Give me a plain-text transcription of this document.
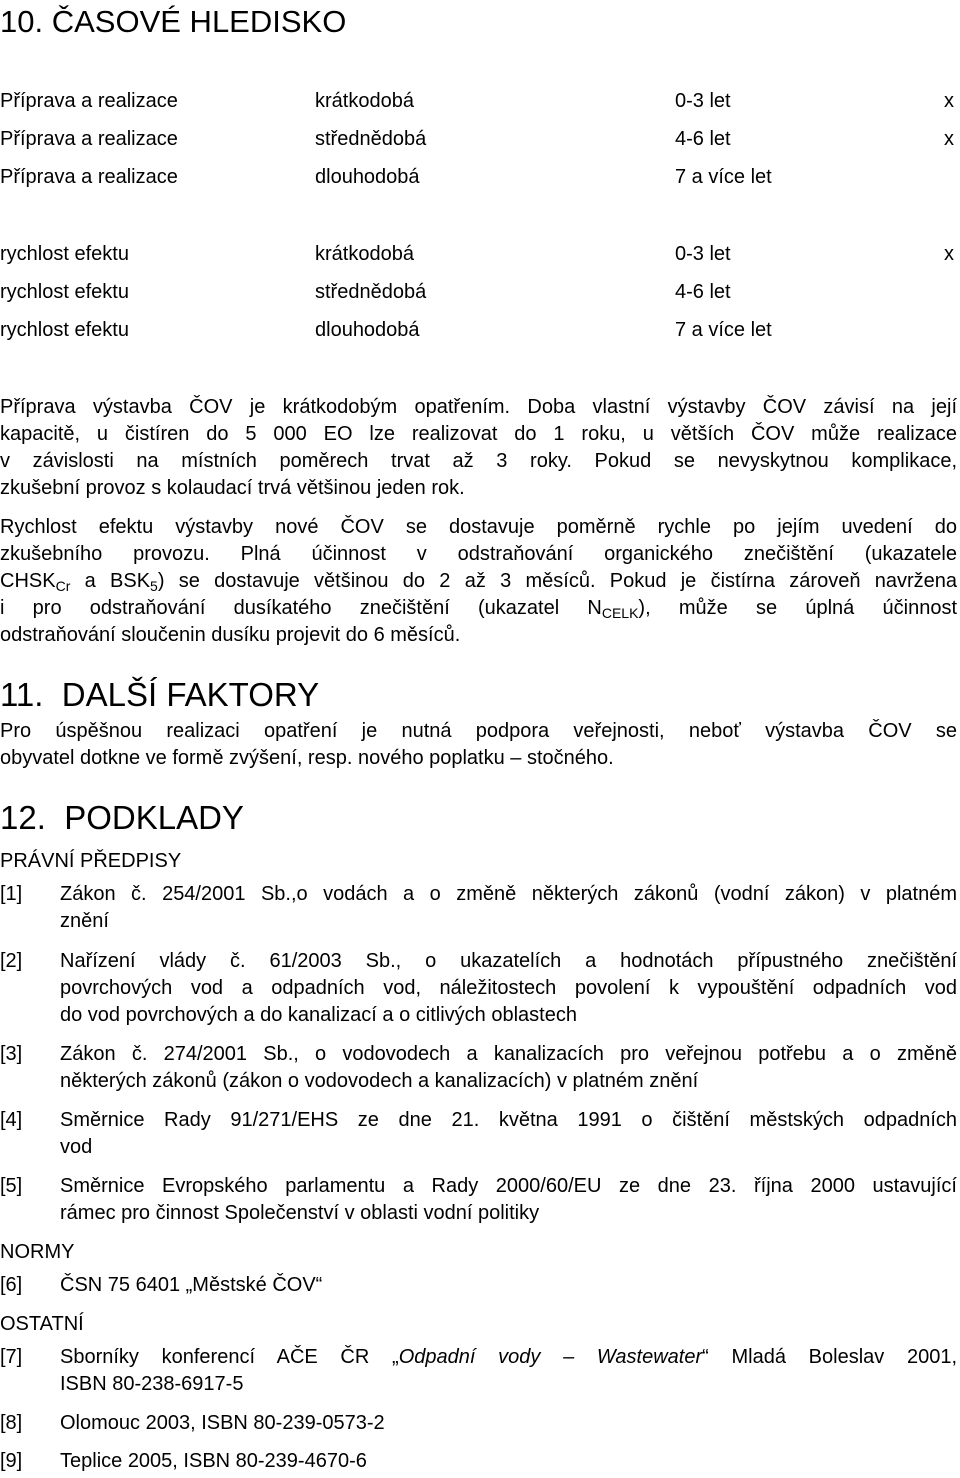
10. ČASOVÉ HLEDISKO
Příprava a realizace	krátkodobá	0-3 let	x
Příprava a realizace	střednědobá	4-6 let	x
Příprava a realizace	dlouhodobá	7 a více let
rychlost efektu	krátkodobá	0-3 let	x
rychlost efektu	střednědobá	4-6 let
rychlost efektu	dlouhodobá	7 a více let
Příprava výstavba ČOV je krátkodobým opatřením. Doba vlastní výstavby ČOV závisí na její
kapacitě, u čistíren do 5 000 EO lze realizovat do 1 roku, u větších ČOV může realizace
v závislosti na místních poměrech trvat až 3 roky. Pokud se nevyskytnou komplikace,
zkušební provoz s kolaudací trvá většinou jeden rok.
Rychlost efektu výstavby nové ČOV se dostavuje poměrně rychle po jejím uvedení do
zkušebního provozu. Plná účinnost v odstraňování organického znečištění (ukazatele
$CHSK_{Cr}$ a $BSK_5$) se dostavuje většinou do 2 až 3 měsíců. Pokud je čistírna zároveň navržena
i pro odstraňování dusíkatého znečištění (ukazatel $N_{CELK}$), může se úplná účinnost
odstraňování sloučenin dusíku projevit do 6 měsíců.
11. DALŠÍ FAKTORY
Pro úspěšnou realizaci opatření je nutná podpora veřejnosti, neboť výstavba ČOV se
obyvatel dotkne ve formě zvýšení, resp. nového poplatku – stočného.
12. PODKLADY
PRÁVNÍ PŘEDPISY
[1] Zákon č. 254/2001 Sb.,o vodách a o změně některých zákonů (vodní zákon) v platném
znění
[2] Nařízení vlády č. 61/2003 Sb., o ukazatelích a hodnotách přípustného znečištění
povrchových vod a odpadních vod, náležitostech povolení k vypouštění odpadních vod
do vod povrchových a do kanalizací a o citlivých oblastech
[3] Zákon č. 274/2001 Sb., o vodovodech a kanalizacích pro veřejnou potřebu a o změně
některých zákonů (zákon o vodovodech a kanalizacích) v platném znění
[4] Směrnice Rady 91/271/EHS ze dne 21. května 1991 o čištění městských odpadních
vod
[5] Směrnice Evropského parlamentu a Rady 2000/60/EU ze dne 23. října 2000 ustavující
rámec pro činnost Společenství v oblasti vodní politiky
NORMY
[6] ČSN 75 6401 „Městské ČOV“
OSTATNÍ
[7] Sborníky konferencí AČE ČR „Odpadní vody – Wastewater“ Mladá Boleslav 2001,
ISBN 80-238-6917-5
[8] Olomouc 2003, ISBN 80-239-0573-2
[9] Teplice 2005, ISBN 80-239-4670-6
